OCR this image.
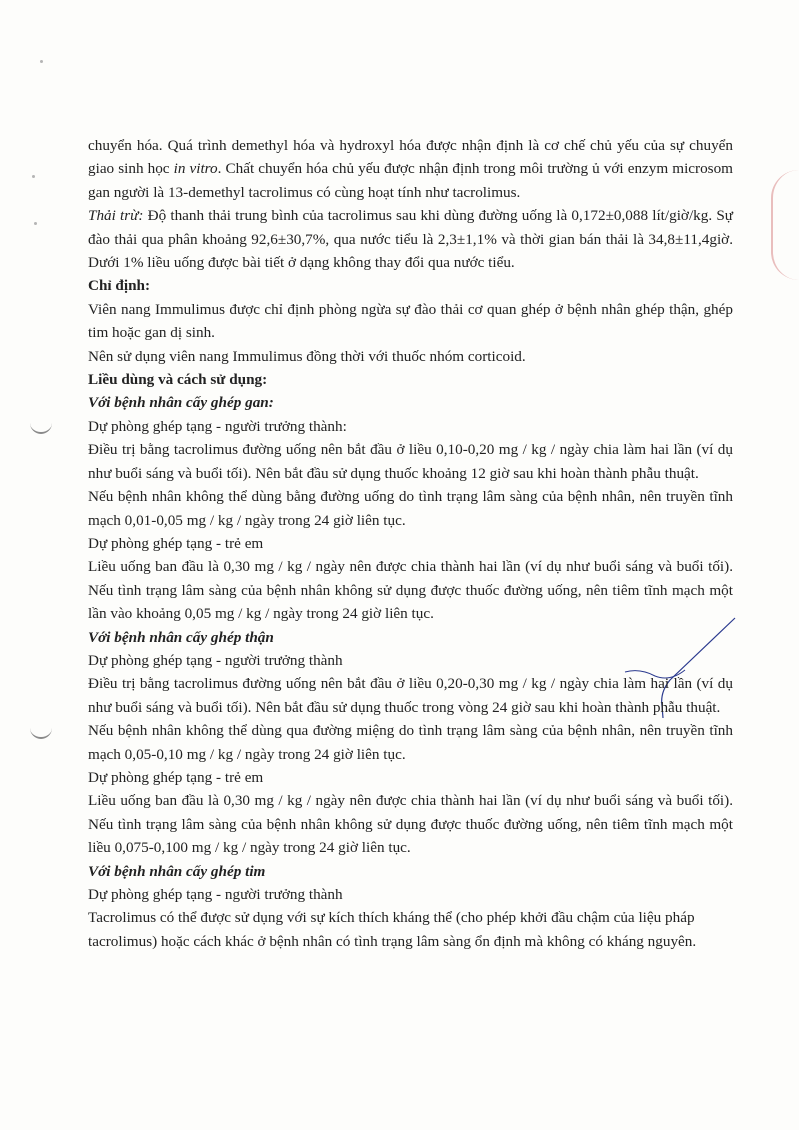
chuyển hóa. Quá trình demethyl hóa và hydroxyl hóa được nhận định là cơ chế chủ yếu của sự chuyển giao sinh học in vitro. Chất chuyển hóa chủ yếu được nhận định trong môi trường ủ với enzym microsom gan người là 13-demethyl tacrolimus có cùng hoạt tính như tacrolimus.

Thải trừ: Độ thanh thải trung bình của tacrolimus sau khi dùng đường uống là 0,172±0,088 lít/giờ/kg. Sự đào thải qua phân khoảng 92,6±30,7%, qua nước tiểu là 2,3±1,1% và thời gian bán thải là 34,8±11,4giờ. Dưới 1% liều uống được bài tiết ở dạng không thay đổi qua nước tiểu.

Chỉ định:

Viên nang Immulimus được chỉ định phòng ngừa sự đào thải cơ quan ghép ở bệnh nhân ghép thận, ghép tim hoặc gan dị sinh.

Nên sử dụng viên nang Immulimus đồng thời với thuốc nhóm corticoid.

Liều dùng và cách sử dụng:

Với bệnh nhân cấy ghép gan:

Dự phòng ghép tạng - người trưởng thành:

Điều trị bằng tacrolimus đường uống nên bắt đầu ở liều 0,10-0,20 mg / kg / ngày chia làm hai lần (ví dụ như buổi sáng và buổi tối). Nên bắt đầu sử dụng thuốc khoảng 12 giờ sau khi hoàn thành phẫu thuật.

Nếu bệnh nhân không thể dùng bằng đường uống do tình trạng lâm sàng của bệnh nhân, nên truyền tĩnh mạch 0,01-0,05 mg / kg / ngày trong 24 giờ liên tục.

Dự phòng ghép tạng - trẻ em

Liều uống ban đầu là 0,30 mg / kg / ngày nên được chia thành hai lần (ví dụ như buổi sáng và buổi tối). Nếu tình trạng lâm sàng của bệnh nhân không sử dụng được thuốc đường uống, nên tiêm tĩnh mạch một lần vào khoảng 0,05 mg / kg / ngày trong 24 giờ liên tục.

Với bệnh nhân cấy ghép thận

Dự phòng ghép tạng - người trưởng thành

Điều trị bằng tacrolimus đường uống nên bắt đầu ở liều 0,20-0,30 mg / kg / ngày chia làm hai lần (ví dụ như buổi sáng và buổi tối). Nên bắt đầu sử dụng thuốc trong vòng 24 giờ sau khi hoàn thành phẫu thuật.

Nếu bệnh nhân không thể dùng qua đường miệng do tình trạng lâm sàng của bệnh nhân, nên truyền tĩnh mạch 0,05-0,10 mg / kg / ngày trong 24 giờ liên tục.

Dự phòng ghép tạng - trẻ em

Liều uống ban đầu là 0,30 mg / kg / ngày nên được chia thành hai lần (ví dụ như buổi sáng và buổi tối). Nếu tình trạng lâm sàng của bệnh nhân không sử dụng được thuốc đường uống, nên tiêm tĩnh mạch một liều 0,075-0,100 mg / kg / ngày trong 24 giờ liên tục.

Với bệnh nhân cấy ghép tim

Dự phòng ghép tạng - người trưởng thành

Tacrolimus có thể được sử dụng với sự kích thích kháng thể (cho phép khởi đầu chậm của liệu pháp tacrolimus) hoặc cách khác ở bệnh nhân có tình trạng lâm sàng ổn định mà không có kháng nguyên.
